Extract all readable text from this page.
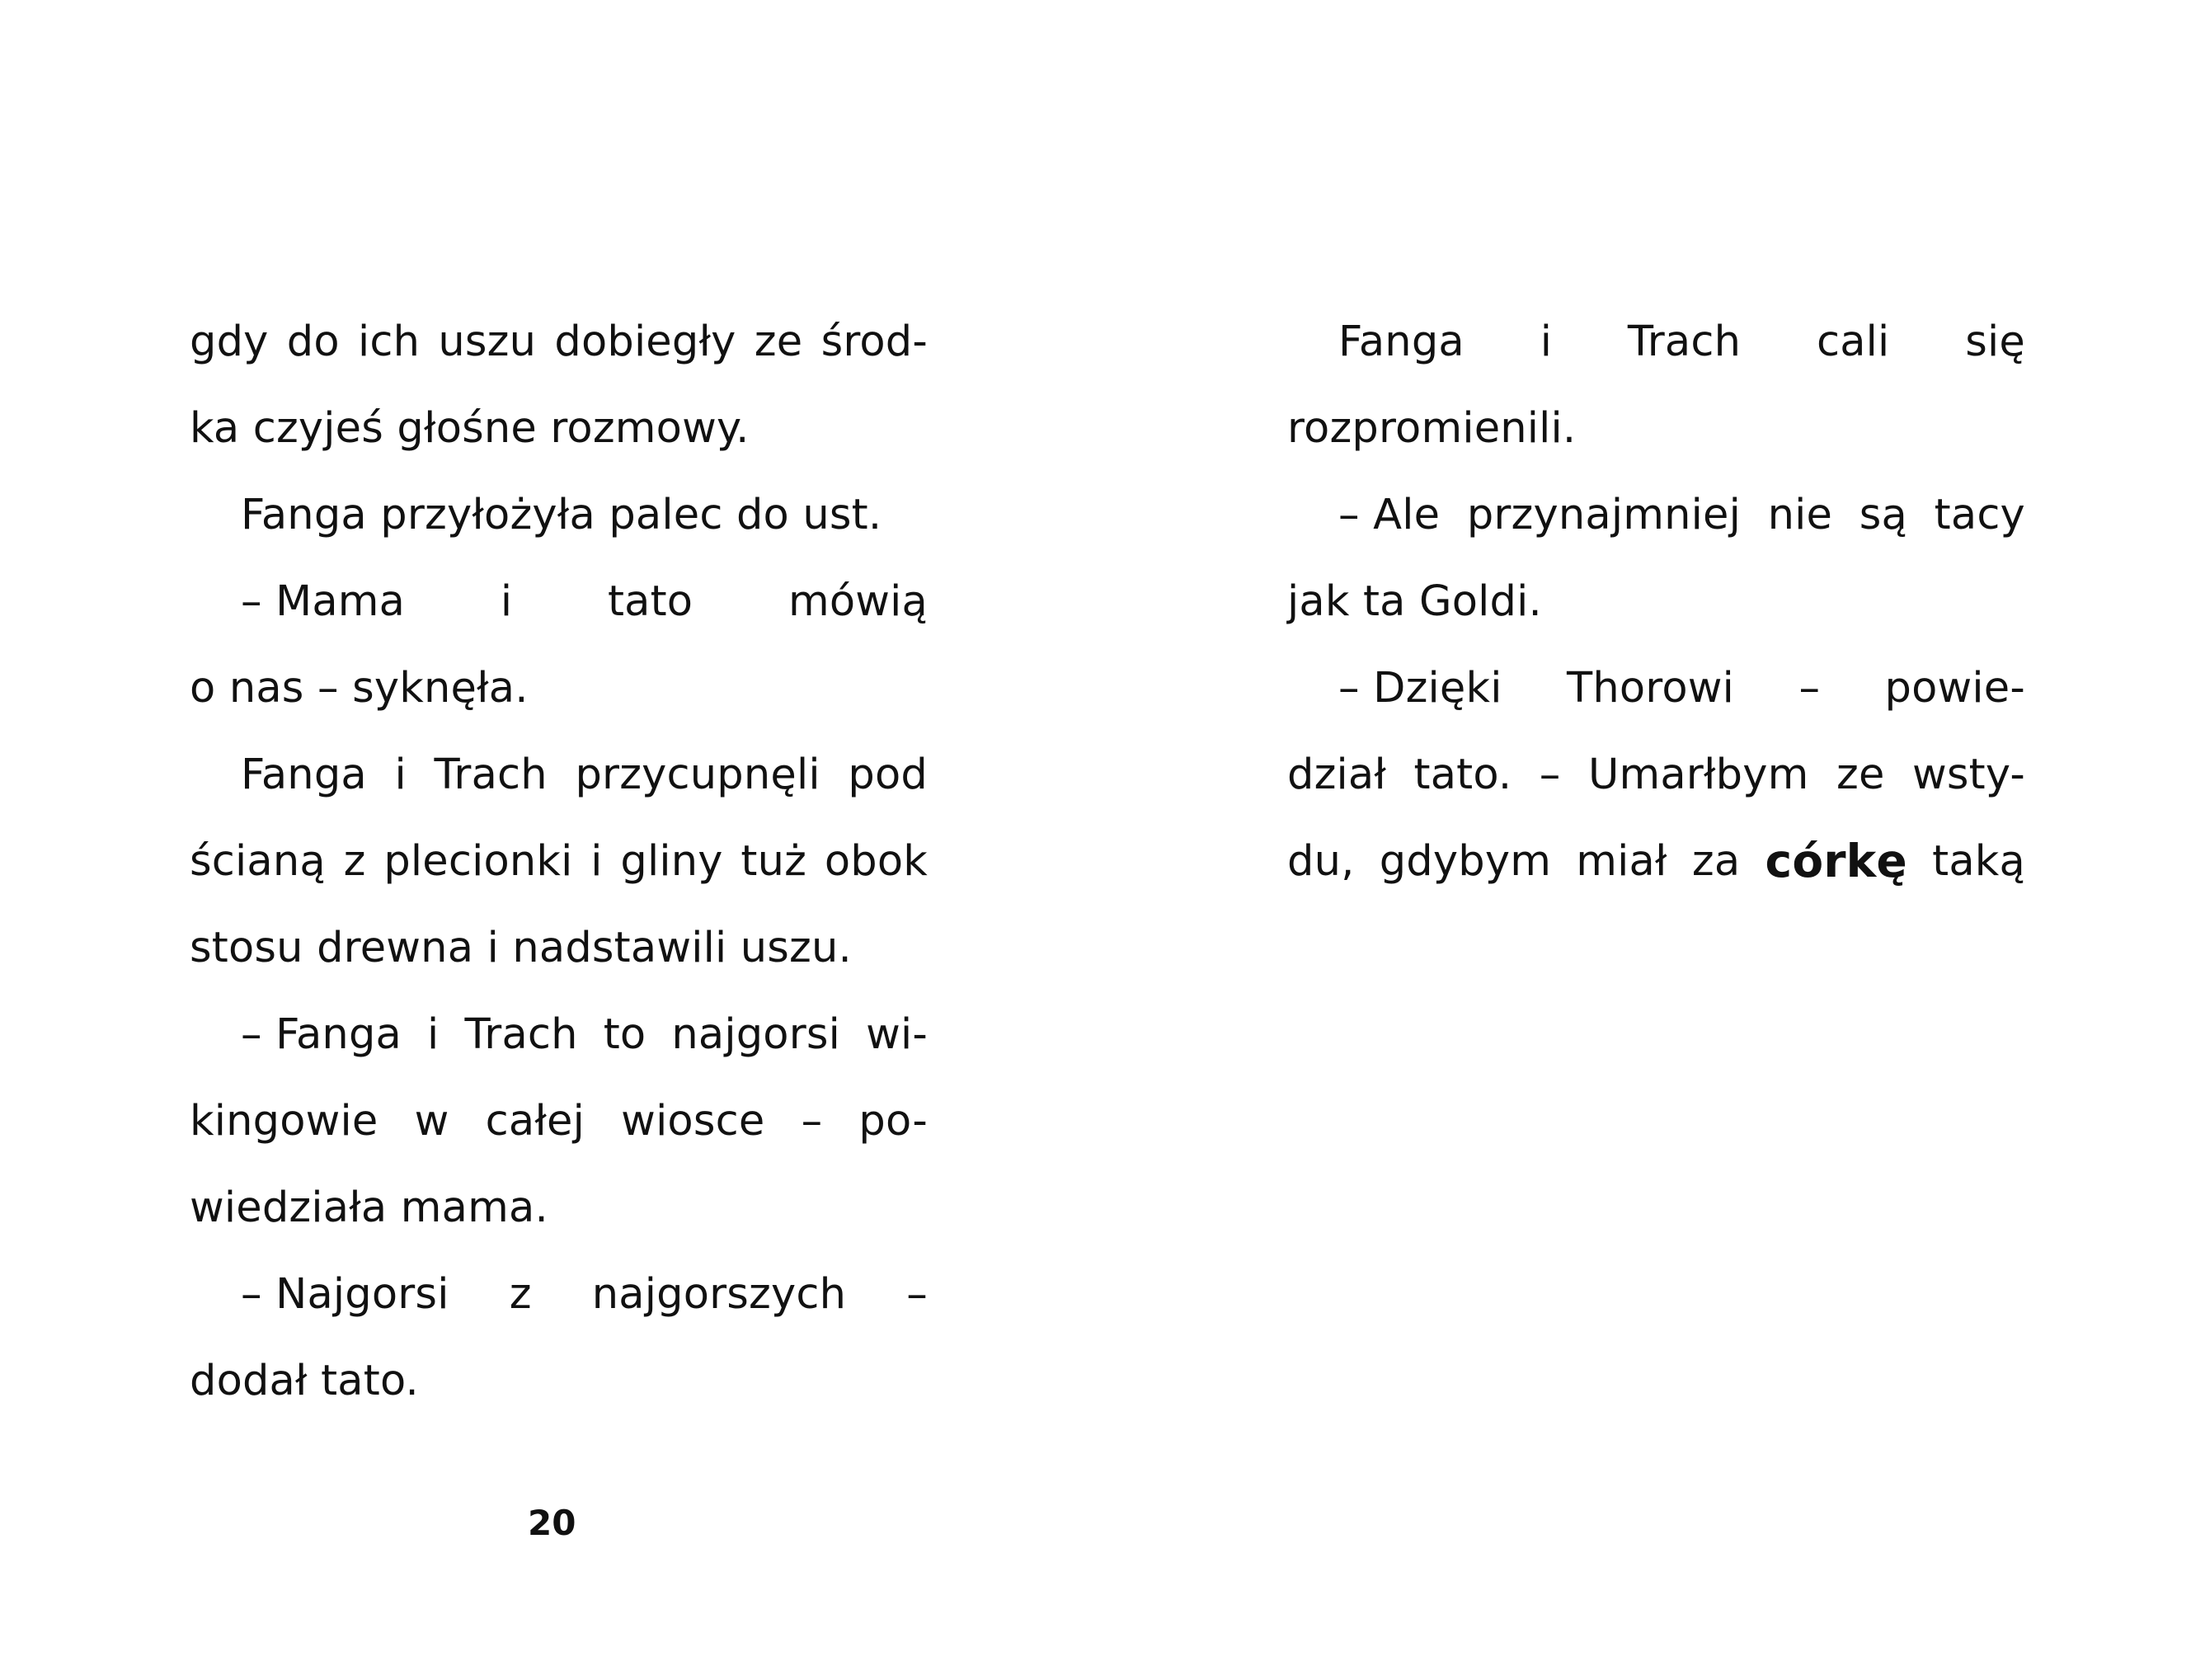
gdy do ich uszu dobiegły ze środ-
ka czyjeś głośne rozmowy.
Fanga przyłożyła palec do ust.
– Mama i tato mówią
o nas – syknęła.
Fanga i Trach przycupnęli pod
ścianą z plecionki i gliny tuż obok
stosu drewna i nadstawili uszu.
– Fanga i Trach to najgorsi wi-
kingowie w całej wiosce – po-
wiedziała mama.
– Najgorsi z najgorszych –
dodał tato.
20
Fanga i Trach cali się
rozpromienili.
– Ale przynajmniej nie są tacy
jak ta Goldi.
– Dzięki Thorowi – powie-
dział tato. – Umarłbym ze wsty-
du, gdybym miał za córkę taką
